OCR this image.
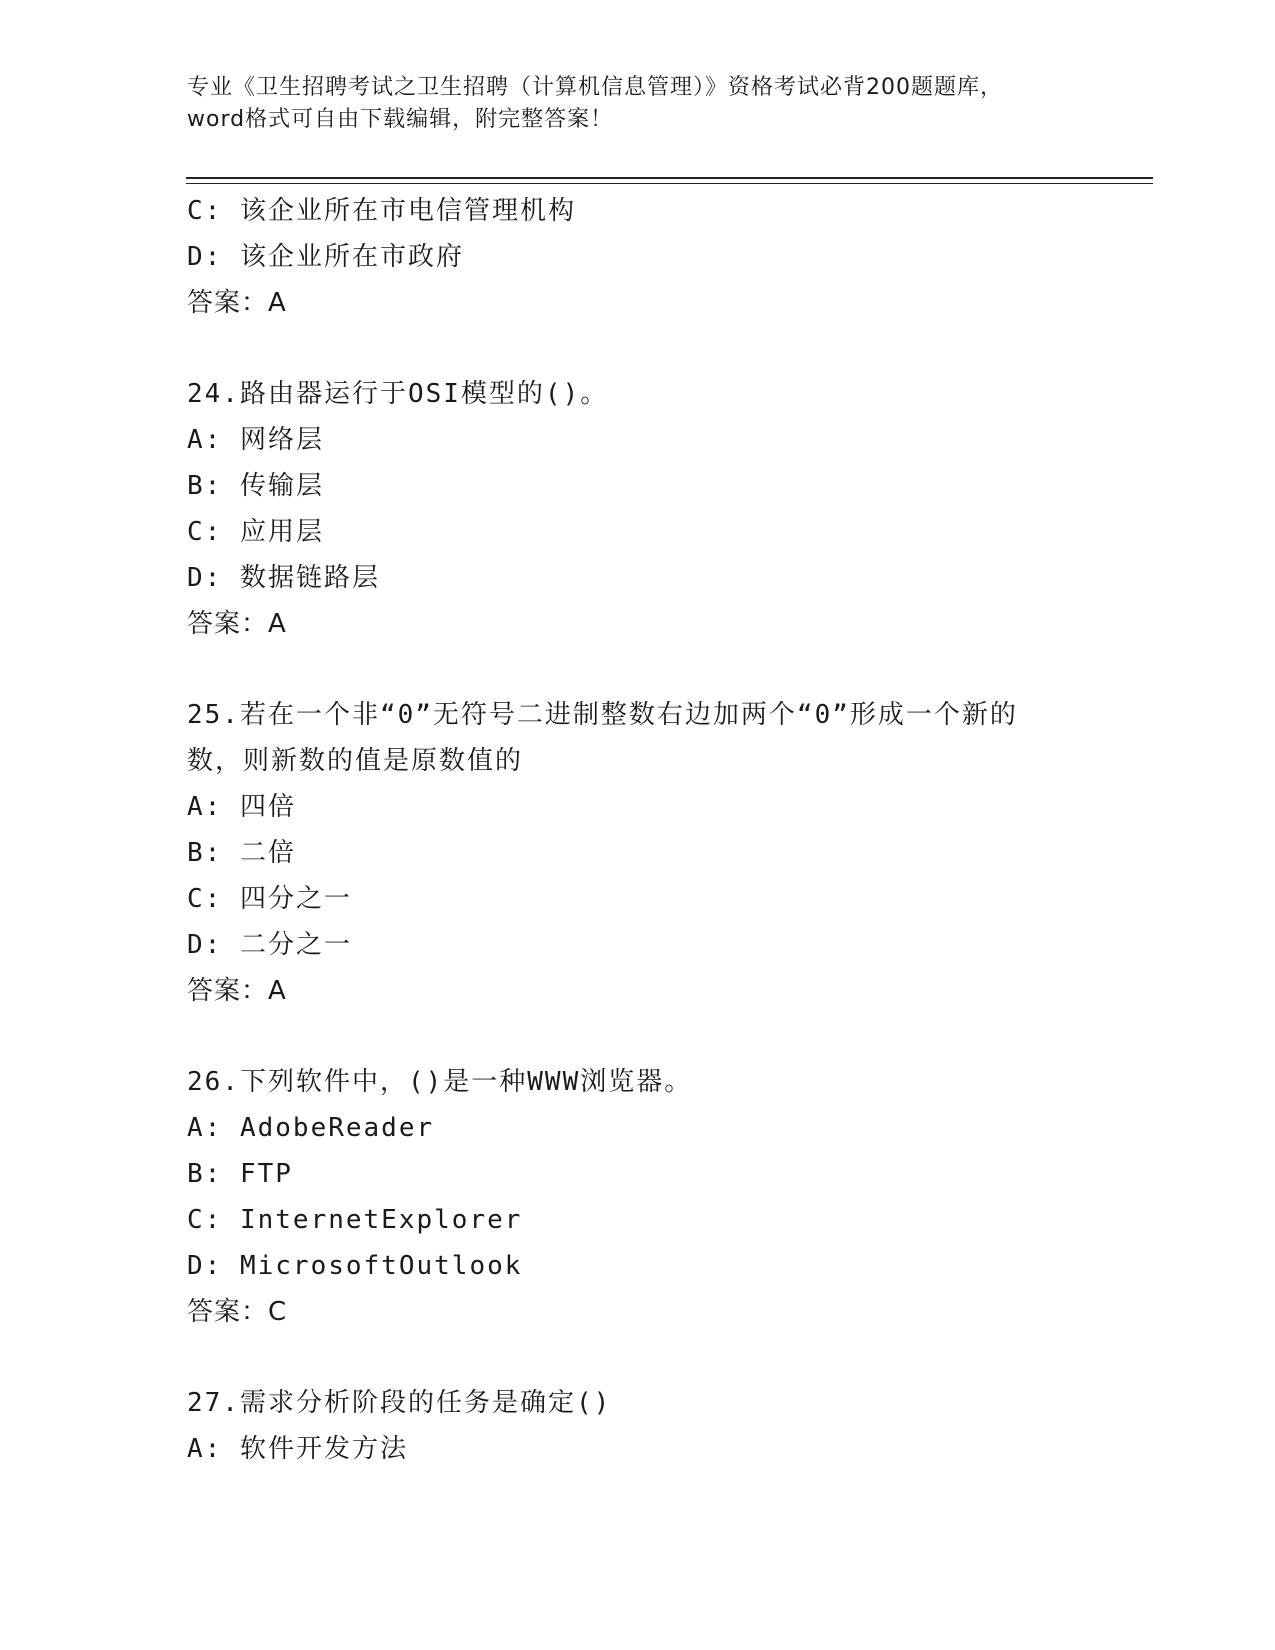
专业《卫生招聘考试之卫生招聘（计算机信息管理）》资格考试必背200题题库，
word格式可自由下载编辑，附完整答案！
C: 该企业所在市电信管理机构
D: 该企业所在市政府
答案：A
24.路由器运行于OSI模型的()。
A: 网络层
B: 传输层
C: 应用层
D: 数据链路层
答案：A
25.若在一个非“0”无符号二进制整数右边加两个“0”形成一个新的
数，则新数的值是原数值的
A: 四倍
B: 二倍
C: 四分之一
D: 二分之一
答案：A
26.下列软件中，()是一种WWW浏览器。
A: AdobeReader
B: FTP
C: InternetExplorer
D: MicrosoftOutlook
答案：C
27.需求分析阶段的任务是确定()
A: 软件开发方法
